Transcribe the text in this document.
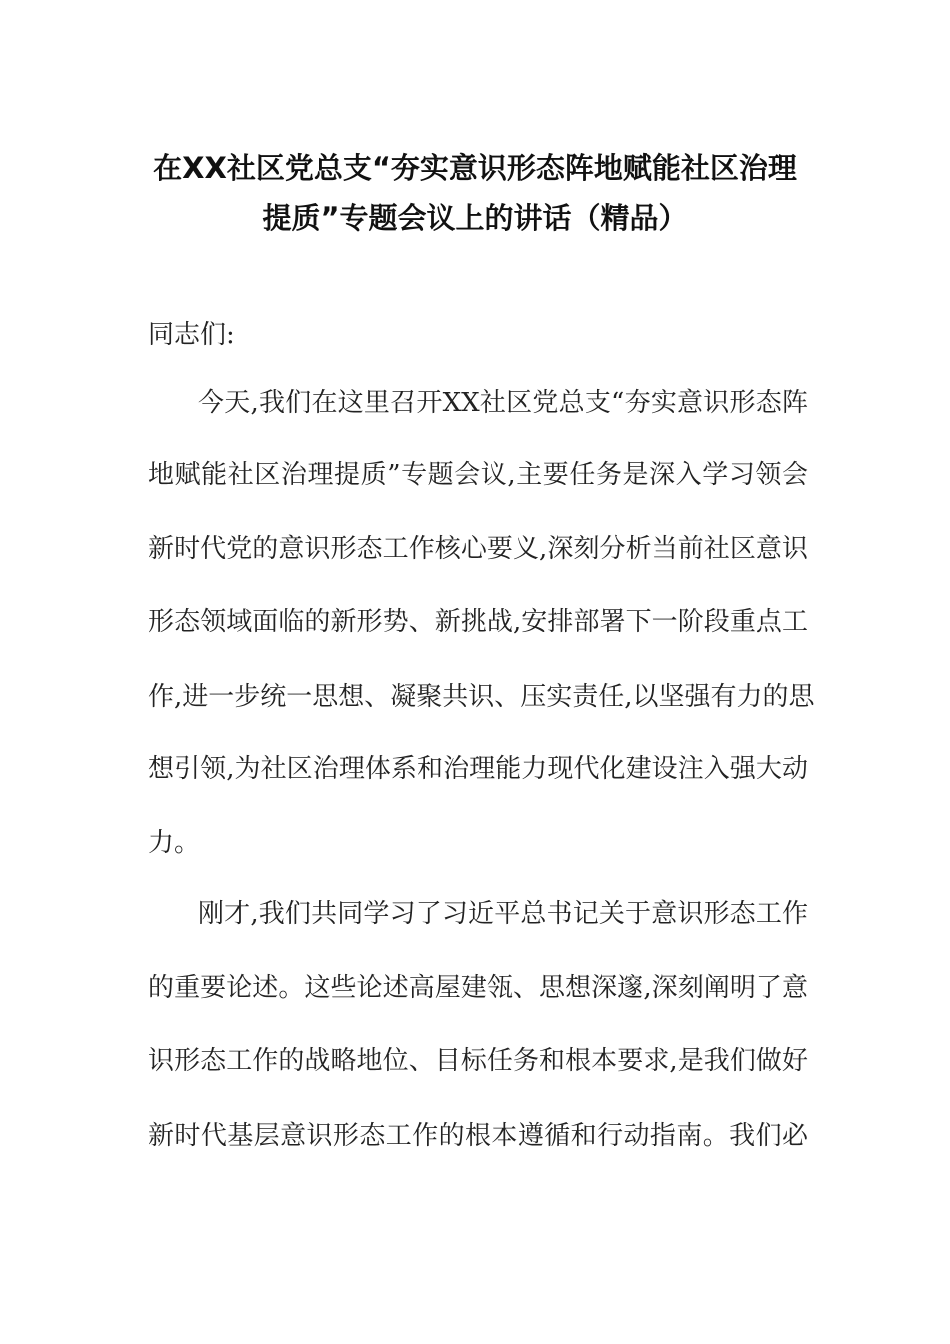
在XX社区党总支“夯实意识形态阵地赋能社区治理
提质”专题会议上的讲话（精品）
同志们:
今天,我们在这里召开XX社区党总支“夯实意识形态阵
地赋能社区治理提质”专题会议,主要任务是深入学习领会
新时代党的意识形态工作核心要义,深刻分析当前社区意识
形态领域面临的新形势、新挑战,安排部署下一阶段重点工
作,进一步统一思想、凝聚共识、压实责任,以坚强有力的思
想引领,为社区治理体系和治理能力现代化建设注入强大动
力。
刚才,我们共同学习了习近平总书记关于意识形态工作
的重要论述。这些论述高屋建瓴、思想深邃,深刻阐明了意
识形态工作的战略地位、目标任务和根本要求,是我们做好
新时代基层意识形态工作的根本遵循和行动指南。我们必
